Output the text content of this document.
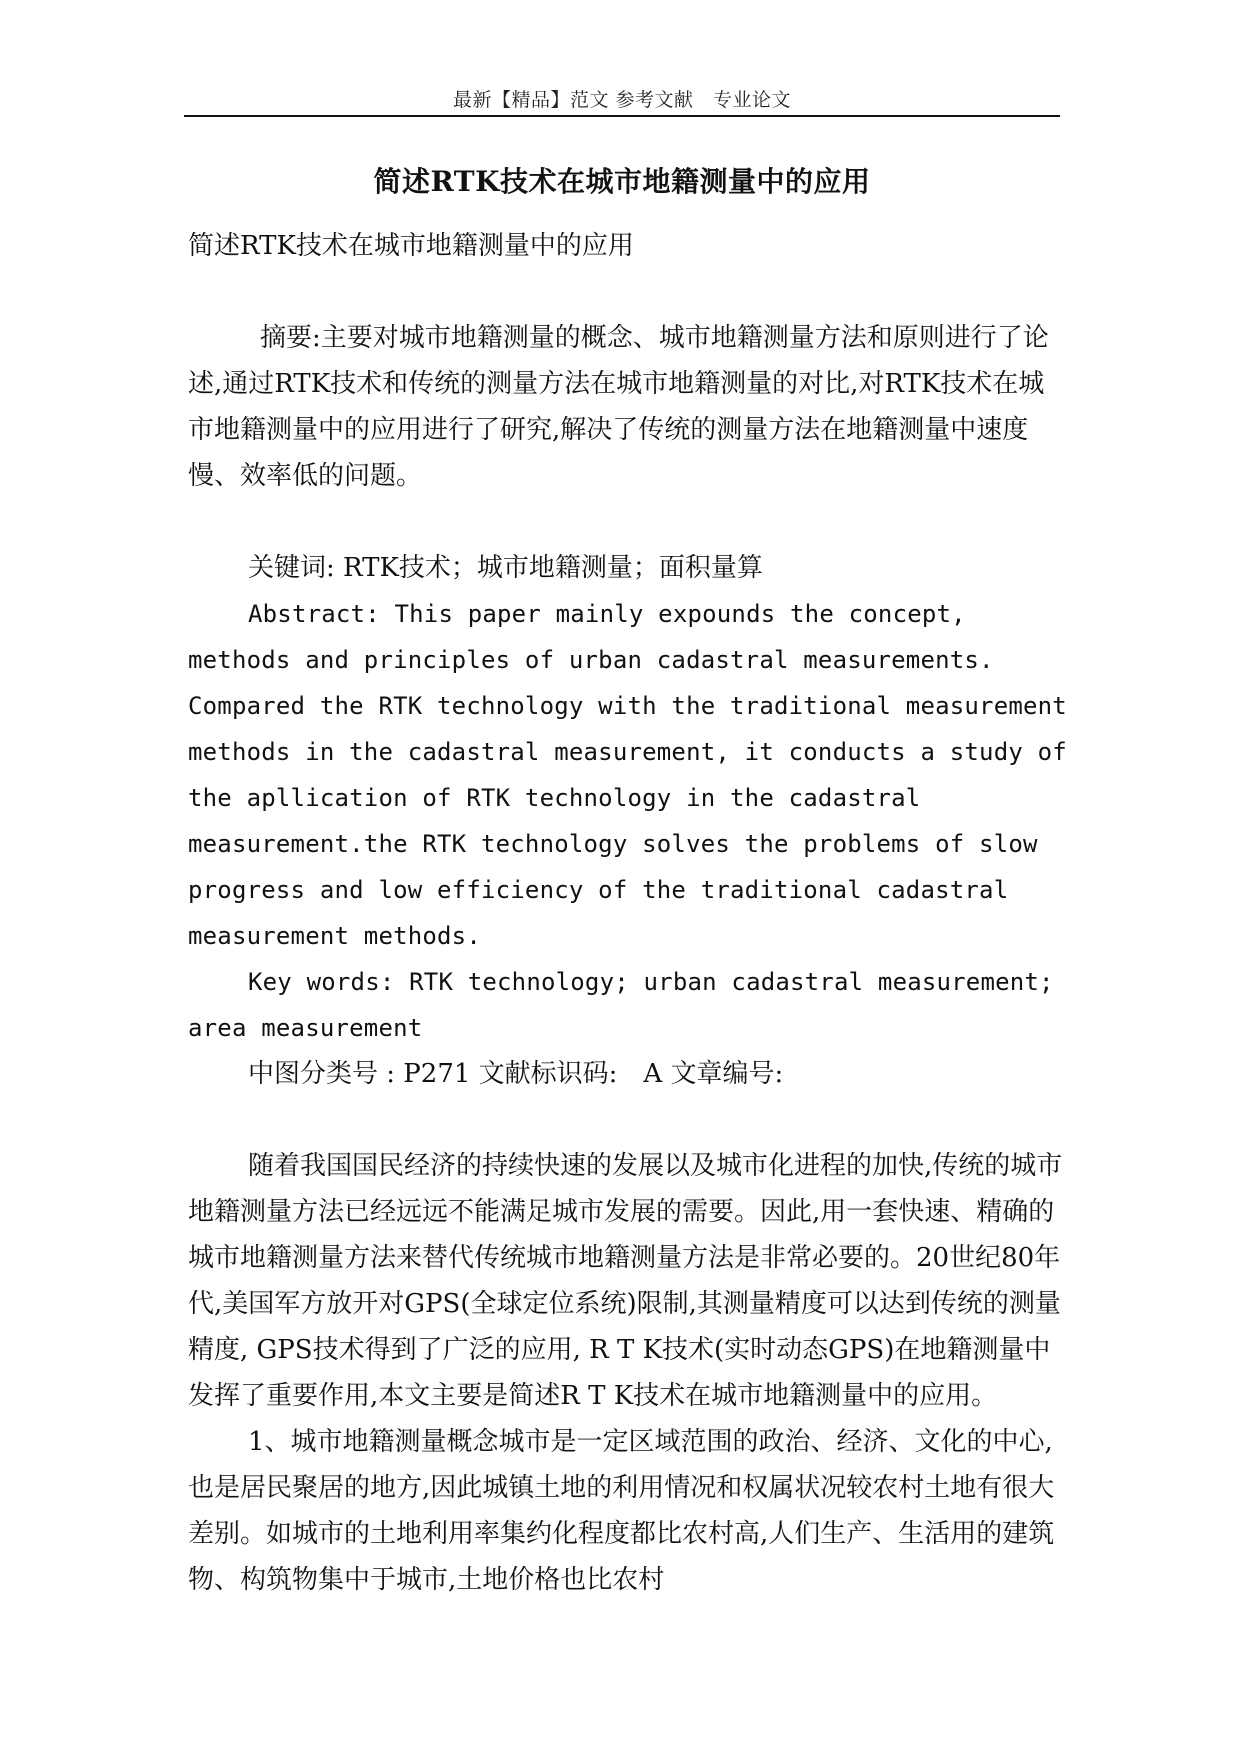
最新【精品】范文 参考文献　专业论文
简述RTK技术在城市地籍测量中的应用

简述RTK技术在城市地籍测量中的应用

摘要:主要对城市地籍测量的概念、城市地籍测量方法和原则进行了论述,通过RTK技术和传统的测量方法在城市地籍测量的对比,对RTK技术在城市地籍测量中的应用进行了研究,解决了传统的测量方法在地籍测量中速度慢、效率低的问题。

关键词: RTK技术；城市地籍测量；面积量算

Abstract: This paper mainly expounds the concept, methods and principles of urban cadastral measurements. Compared the RTK technology with the traditional measurement methods in the cadastral measurement, it conducts a study of the apllication of RTK technology in the cadastral measurement.the RTK technology solves the problems of slow progress and low efficiency of the traditional cadastral measurement methods.

Key words: RTK technology; urban cadastral measurement; area measurement

中图分类号 : P271 文献标识码:　A 文章编号:

随着我国国民经济的持续快速的发展以及城市化进程的加快,传统的城市地籍测量方法已经远远不能满足城市发展的需要。因此,用一套快速、精确的城市地籍测量方法来替代传统城市地籍测量方法是非常必要的。20世纪80年代,美国军方放开对GPS(全球定位系统)限制,其测量精度可以达到传统的测量精度, GPS技术得到了广泛的应用, R T K技术(实时动态GPS)在地籍测量中发挥了重要作用,本文主要是简述R T K技术在城市地籍测量中的应用。

1、城市地籍测量概念城市是一定区域范围的政治、经济、文化的中心,也是居民聚居的地方,因此城镇土地的利用情况和权属状况较农村土地有很大差别。如城市的土地利用率集约化程度都比农村高,人们生产、生活用的建筑物、构筑物集中于城市,土地价格也比农村
